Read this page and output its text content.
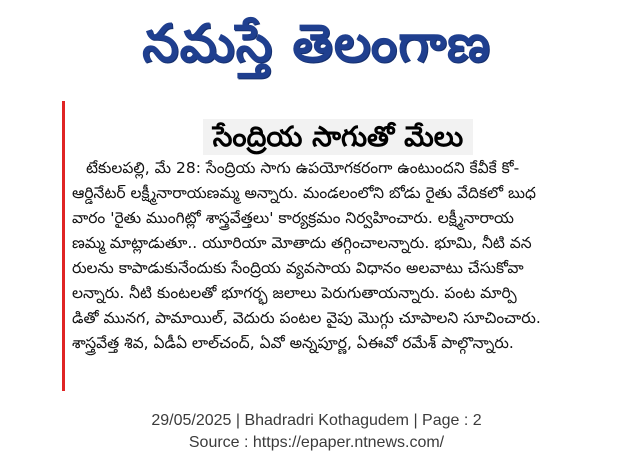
నమస్తే తెలంగాణ
సేంద్రియ సాగుతో మేలు
టేకులపల్లి, మే 28: సేంద్రియ సాగు ఉపయోగకరంగా ఉంటుందని కేవీకే కో-
ఆర్డినేటర్ లక్ష్మీనారాయణమ్మ అన్నారు. మండలంలోని బోడు రైతు వేదికలో బుధ
వారం 'రైతు ముంగిట్లో శాస్త్రవేత్తలు' కార్యక్రమం నిర్వహించారు. లక్ష్మీనారాయ
ణమ్మ మాట్లాడుతూ.. యూరియా మోతాదు తగ్గించాలన్నారు. భూమి, నీటి వన
రులను కాపాడుకునేందుకు సేంద్రియ వ్యవసాయ విధానం అలవాటు చేసుకోవా
లన్నారు. నీటి కుంటలతో భూగర్భ జలాలు పెరుగుతాయన్నారు. పంట మార్పి
డితో మునగ, పామాయిల్, వెదురు పంటల వైపు మొగ్గు చూపాలని సూచించారు.
శాస్త్రవేత్త శివ, ఏడీఏ లాల్‌చంద్, ఏవో అన్నపూర్ణ, ఏఈవో రమేశ్ పాల్గొన్నారు.
29/05/2025 | Bhadradri Kothagudem | Page : 2
Source : https://epaper.ntnews.com/
